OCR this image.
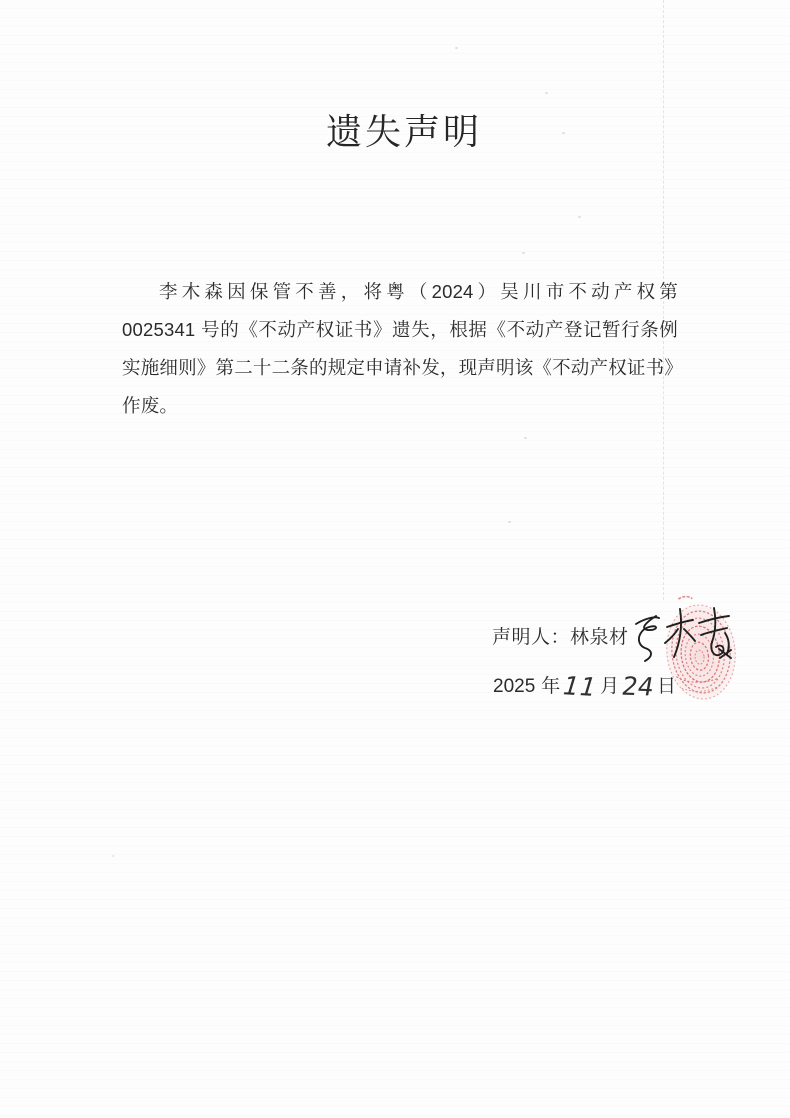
遗失声明

李木森因保管不善，将粤（2024）吴川市不动产权第

0025341 号的《不动产权证书》遗失，根据《不动产登记暂行条例

实施细则》第二十二条的规定申请补发，现声明该《不动产权证书》

作废。

声明人：林泉材
2025 年
11
月 24 日
